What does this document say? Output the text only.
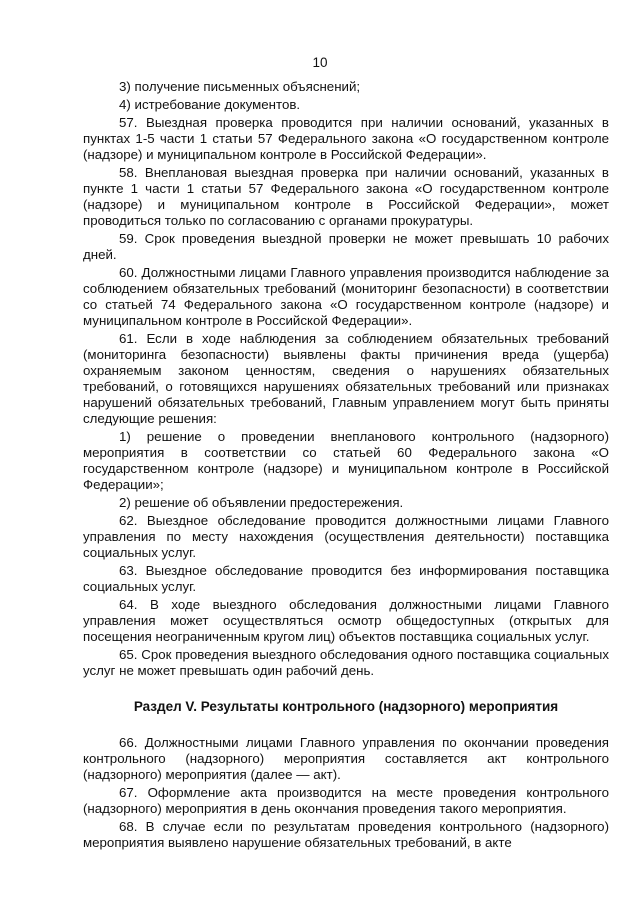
10

3) получение письменных объяснений;

4) истребование документов.

57. Выездная проверка проводится при наличии оснований, указанных в пунктах 1-5 части 1 статьи 57 Федерального закона «О государственном контроле (надзоре) и муниципальном контроле в Российской Федерации».

58. Внеплановая выездная проверка при наличии оснований, указанных в пункте 1 части 1 статьи 57 Федерального закона «О государственном контроле (надзоре) и муниципальном контроле в Российской Федерации», может проводиться только по согласованию с органами прокуратуры.

59. Срок проведения выездной проверки не может превышать 10 рабочих дней.

60. Должностными лицами Главного управления производится наблюдение за соблюдением обязательных требований (мониторинг безопасности) в соответствии со статьей 74 Федерального закона «О государственном контроле (надзоре) и муниципальном контроле в Российской Федерации».

61. Если в ходе наблюдения за соблюдением обязательных требований (мониторинга безопасности) выявлены факты причинения вреда (ущерба) охраняемым законом ценностям, сведения о нарушениях обязательных требований, о готовящихся нарушениях обязательных требований или признаках нарушений обязательных требований, Главным управлением могут быть приняты следующие решения:

1) решение о проведении внепланового контрольного (надзорного) мероприятия в соответствии со статьей 60 Федерального закона «О государственном контроле (надзоре) и муниципальном контроле в Российской Федерации»;

2) решение об объявлении предостережения.

62. Выездное обследование проводится должностными лицами Главного управления по месту нахождения (осуществления деятельности) поставщика социальных услуг.

63. Выездное обследование проводится без информирования поставщика социальных услуг.

64. В ходе выездного обследования должностными лицами Главного управления может осуществляться осмотр общедоступных (открытых для посещения неограниченным кругом лиц) объектов поставщика социальных услуг.

65. Срок проведения выездного обследования одного поставщика социальных услуг не может превышать один рабочий день.

Раздел V. Результаты контрольного (надзорного) мероприятия

66. Должностными лицами Главного управления по окончании проведения контрольного (надзорного) мероприятия составляется акт контрольного (надзорного) мероприятия (далее — акт).

67. Оформление акта производится на месте проведения контрольного (надзорного) мероприятия в день окончания проведения такого мероприятия.

68. В случае если по результатам проведения контрольного (надзорного) мероприятия выявлено нарушение обязательных требований, в акте
